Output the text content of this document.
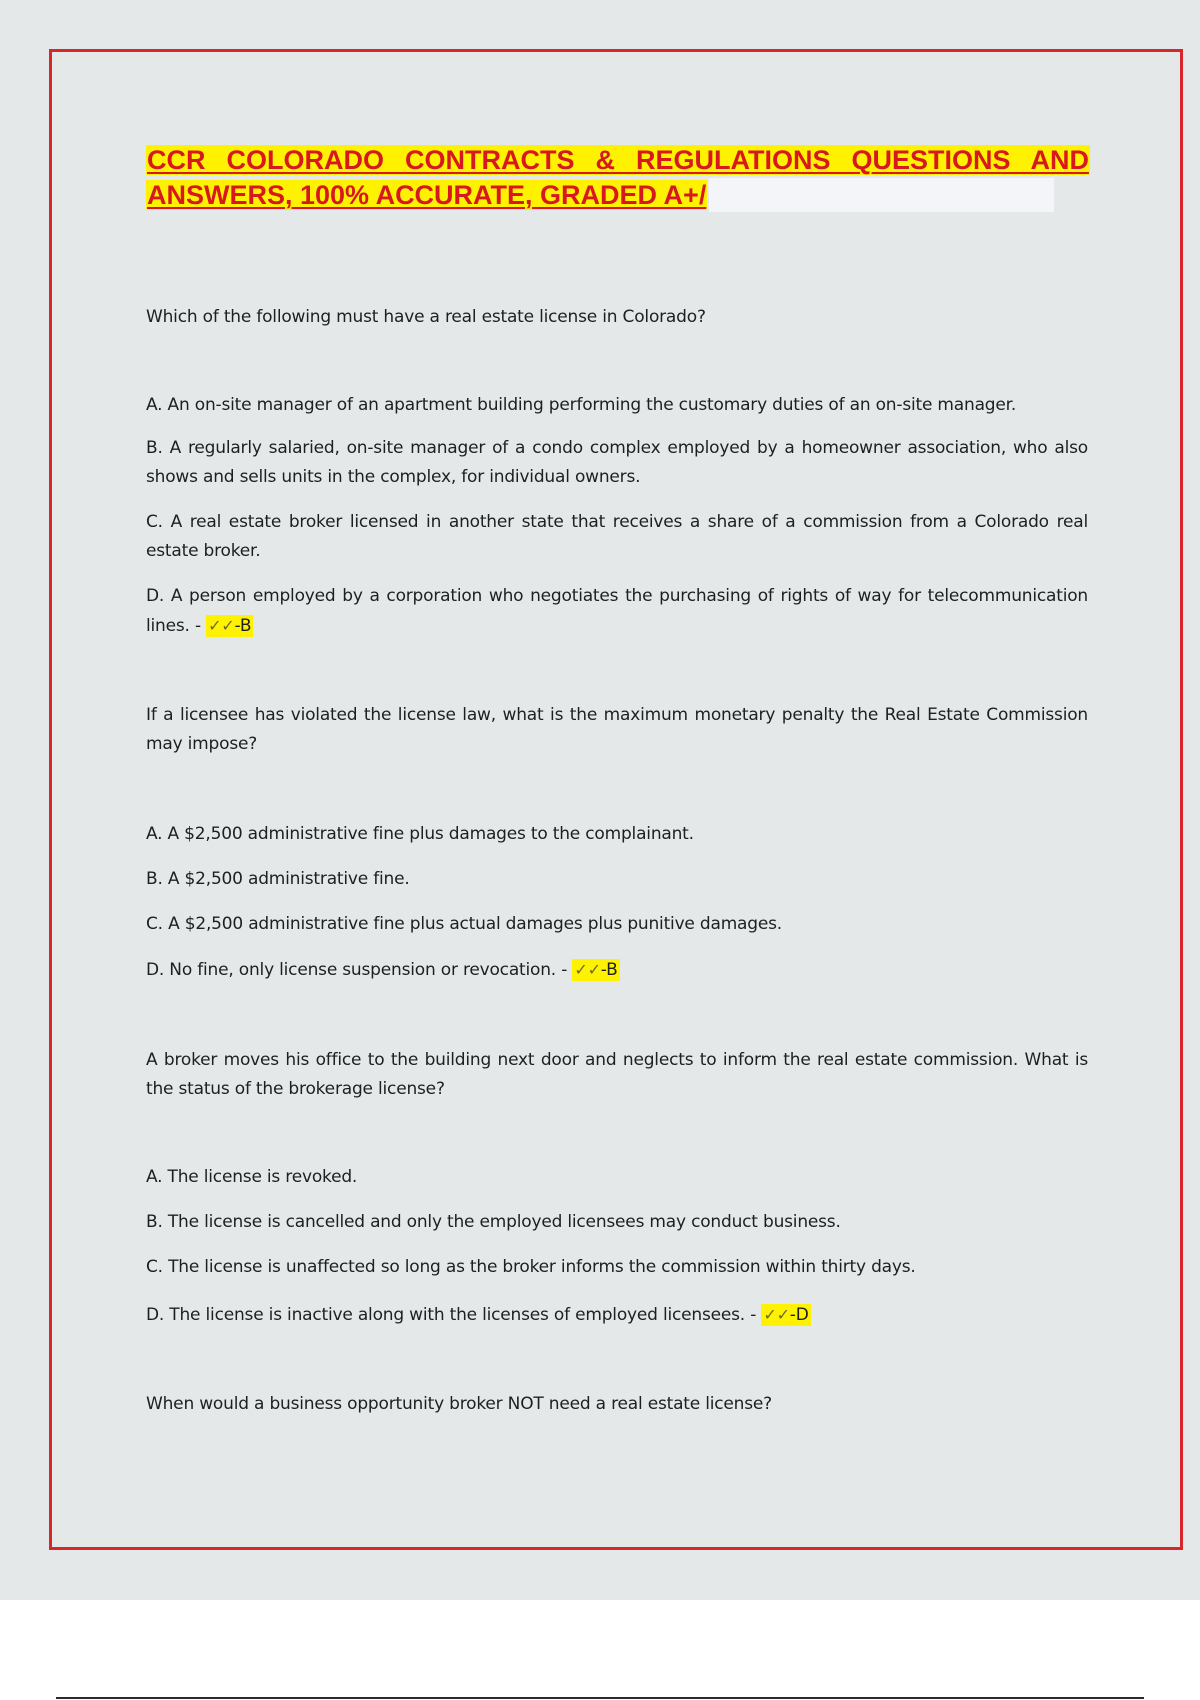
CCR COLORADO CONTRACTS & REGULATIONS QUESTIONS AND ANSWERS, 100% ACCURATE, GRADED A+/

Which of the following must have a real estate license in Colorado?

A. An on-site manager of an apartment building performing the customary duties of an on-site manager.

B. A regularly salaried, on-site manager of a condo complex employed by a homeowner association, who also shows and sells units in the complex, for individual owners.

C. A real estate broker licensed in another state that receives a share of a commission from a Colorado real estate broker.

D. A person employed by a corporation who negotiates the purchasing of rights of way for telecommunication lines. - ✓✓-B

If a licensee has violated the license law, what is the maximum monetary penalty the Real Estate Commission may impose?

A. A $2,500 administrative fine plus damages to the complainant.

B. A $2,500 administrative fine.

C. A $2,500 administrative fine plus actual damages plus punitive damages.

D. No fine, only license suspension or revocation. - ✓✓-B

A broker moves his office to the building next door and neglects to inform the real estate commission. What is the status of the brokerage license?

A. The license is revoked.

B. The license is cancelled and only the employed licensees may conduct business.

C. The license is unaffected so long as the broker informs the commission within thirty days.

D. The license is inactive along with the licenses of employed licensees. - ✓✓-D

When would a business opportunity broker NOT need a real estate license?
